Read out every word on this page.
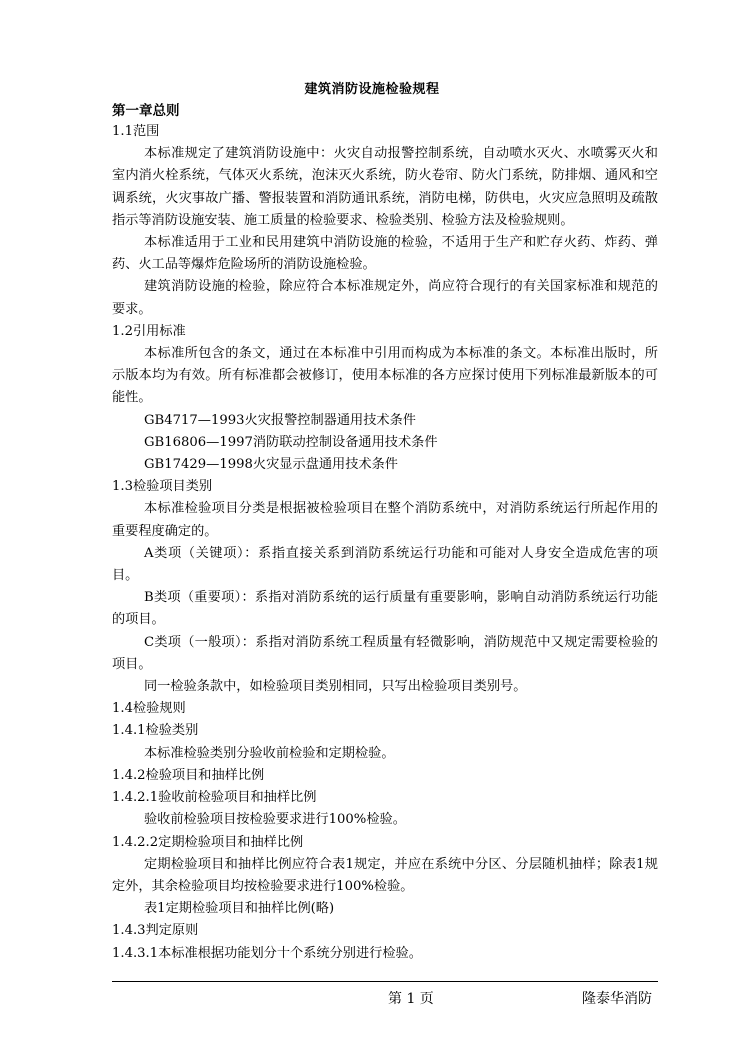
建筑消防设施检验规程
第一章总则

1.1范围

本标准规定了建筑消防设施中：火灾自动报警控制系统，自动喷水灭火、水喷雾灭火和室内消火栓系统，气体灭火系统，泡沫灭火系统，防火卷帘、防火门系统，防排烟、通风和空调系统，火灾事故广播、警报装置和消防通讯系统，消防电梯，防供电，火灾应急照明及疏散指示等消防设施安装、施工质量的检验要求、检验类别、检验方法及检验规则。

本标准适用于工业和民用建筑中消防设施的检验，不适用于生产和贮存火药、炸药、弹药、火工品等爆炸危险场所的消防设施检验。

建筑消防设施的检验，除应符合本标准规定外，尚应符合现行的有关国家标准和规范的要求。

1.2引用标准

本标准所包含的条文，通过在本标准中引用而构成为本标准的条文。本标准出版时，所示版本均为有效。所有标准都会被修订，使用本标准的各方应探讨使用下列标准最新版本的可能性。

GB4717—1993火灾报警控制器通用技术条件

GB16806—1997消防联动控制设备通用技术条件

GB17429—1998火灾显示盘通用技术条件

1.3检验项目类别

本标准检验项目分类是根据被检验项目在整个消防系统中，对消防系统运行所起作用的重要程度确定的。

A类项（关键项）：系指直接关系到消防系统运行功能和可能对人身安全造成危害的项目。

B类项（重要项）：系指对消防系统的运行质量有重要影响，影响自动消防系统运行功能的项目。

C类项（一般项）：系指对消防系统工程质量有轻微影响，消防规范中又规定需要检验的项目。

同一检验条款中，如检验项目类别相同，只写出检验项目类别号。

1.4检验规则

1.4.1检验类别

本标准检验类别分验收前检验和定期检验。

1.4.2检验项目和抽样比例

1.4.2.1验收前检验项目和抽样比例

验收前检验项目按检验要求进行100%检验。

1.4.2.2定期检验项目和抽样比例

定期检验项目和抽样比例应符合表1规定，并应在系统中分区、分层随机抽样；除表1规定外，其余检验项目均按检验要求进行100%检验。

表1定期检验项目和抽样比例(略)

1.4.3判定原则

1.4.3.1本标准根据功能划分十个系统分别进行检验。

第 1 页	隆泰华消防
